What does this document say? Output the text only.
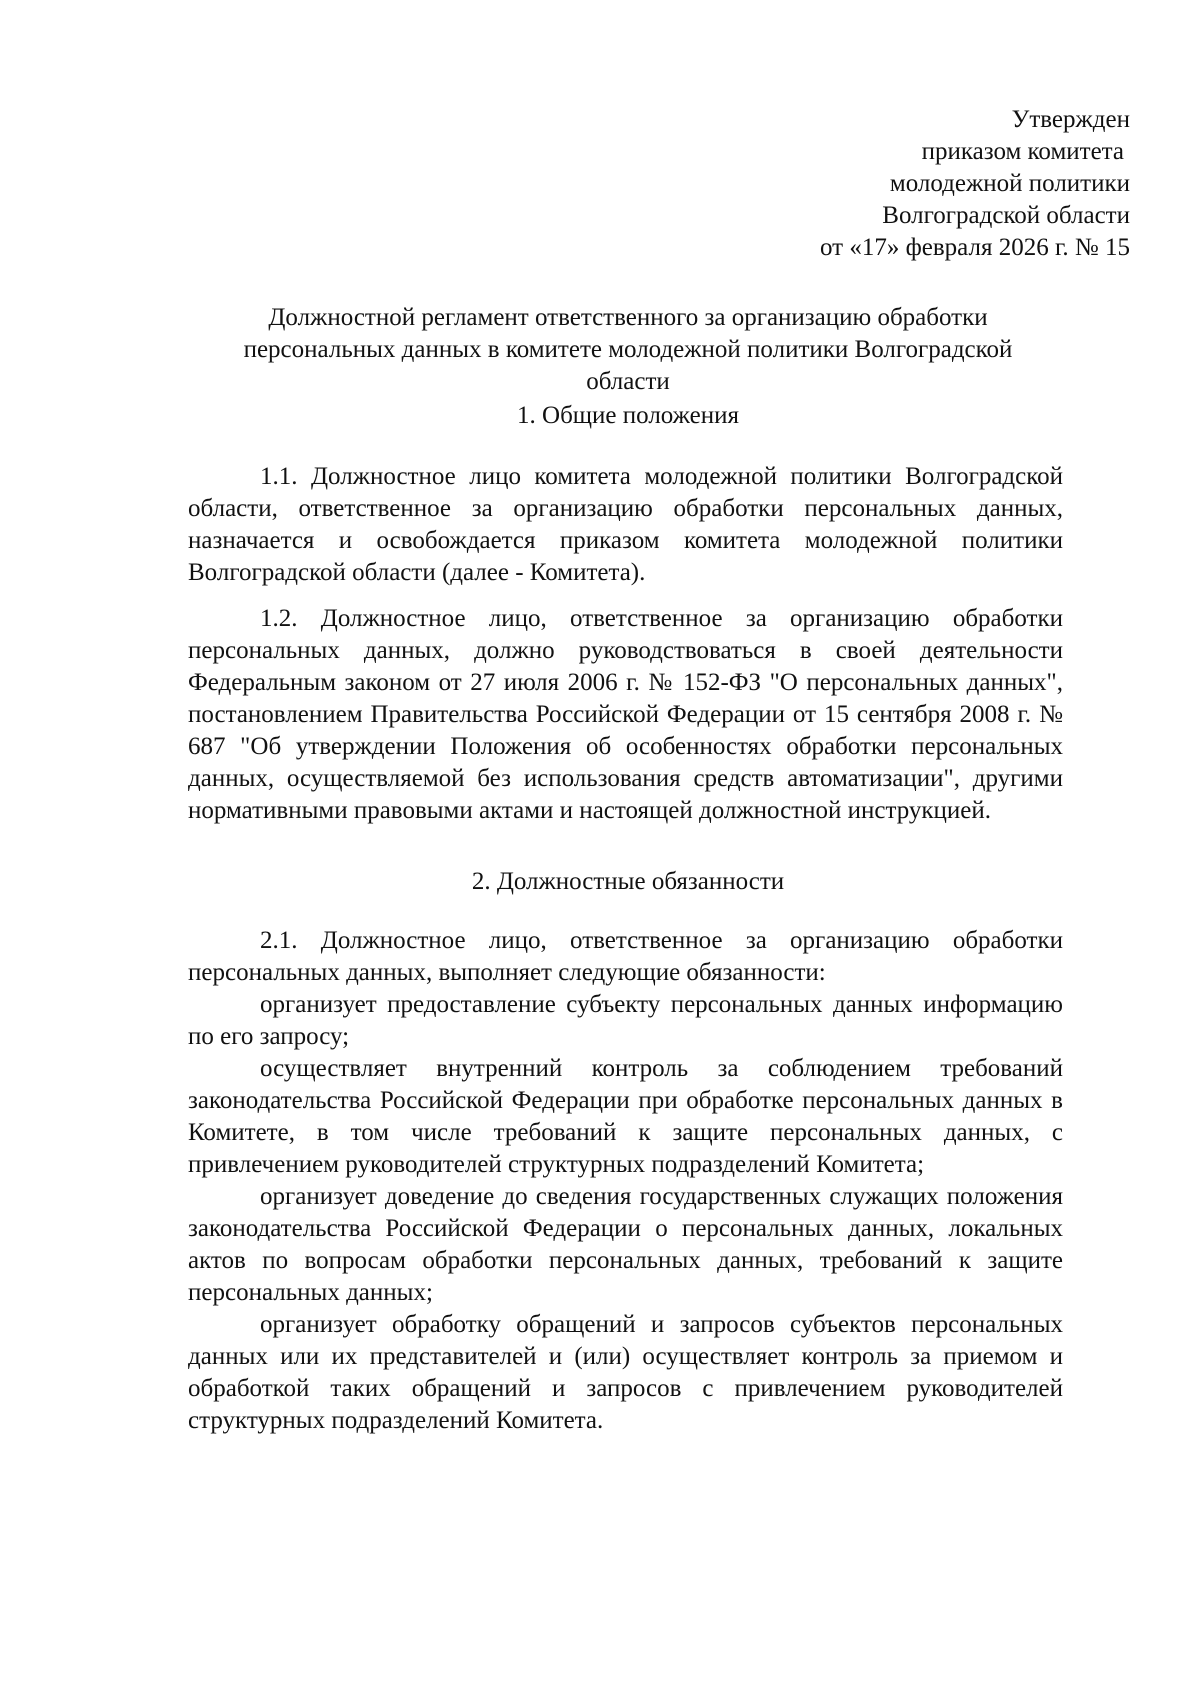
Утвержден
приказом комитета
молодежной политики
Волгоградской области
от «17» февраля 2026 г. № 15
Должностной регламент ответственного за организацию обработки
персональных данных в комитете молодежной политики Волгоградской
области
1. Общие положения

1.1. Должностное лицо комитета молодежной политики Волгоградской области, ответственное за организацию обработки персональных данных, назначается и освобождается приказом комитета молодежной политики Волгоградской области (далее - Комитета).

1.2. Должностное лицо, ответственное за организацию обработки персональных данных, должно руководствоваться в своей деятельности Федеральным законом от 27 июля 2006 г. № 152-ФЗ "О персональных данных", постановлением Правительства Российской Федерации от 15 сентября 2008 г. № 687 "Об утверждении Положения об особенностях обработки персональных данных, осуществляемой без использования средств автоматизации", другими нормативными правовыми актами и настоящей должностной инструкцией.

2. Должностные обязанности

2.1. Должностное лицо, ответственное за организацию обработки персональных данных, выполняет следующие обязанности:

организует предоставление субъекту персональных данных информацию по его запросу;

осуществляет внутренний контроль за соблюдением требований законодательства Российской Федерации при обработке персональных данных в Комитете, в том числе требований к защите персональных данных, с привлечением руководителей структурных подразделений Комитета;

организует доведение до сведения государственных служащих положения законодательства Российской Федерации о персональных данных, локальных актов по вопросам обработки персональных данных, требований к защите персональных данных;

организует обработку обращений и запросов субъектов персональных данных или их представителей и (или) осуществляет контроль за приемом и обработкой таких обращений и запросов с привлечением руководителей структурных подразделений Комитета.
